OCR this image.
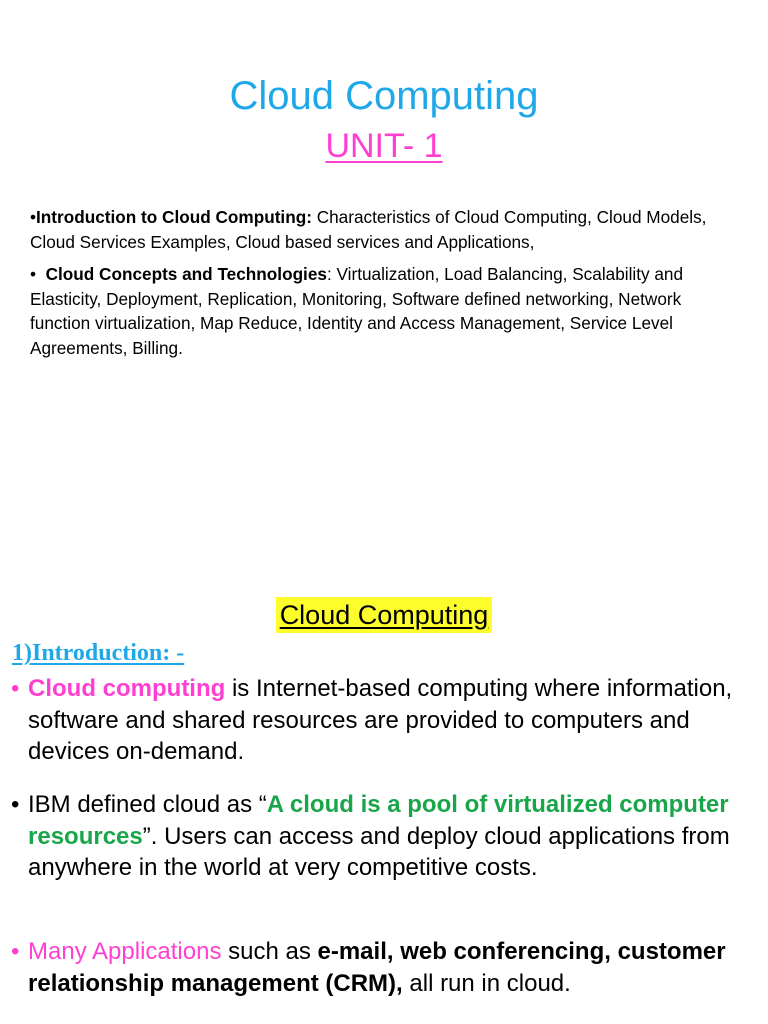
Cloud Computing
UNIT- 1
•Introduction to Cloud Computing: Characteristics of Cloud Computing, Cloud Models, Cloud Services Examples, Cloud based services and Applications,
•  Cloud Concepts and Technologies: Virtualization, Load Balancing, Scalability and Elasticity, Deployment, Replication, Monitoring, Software defined networking, Network function virtualization, Map Reduce, Identity and Access Management, Service Level Agreements, Billing.
Cloud Computing
1)Introduction: -
• Cloud computing is Internet-based computing where information, software and shared resources are provided to computers and devices on-demand.
• IBM defined cloud as “A cloud is a pool of virtualized computer resources”. Users can access and deploy cloud applications from anywhere in the world at very competitive costs.
• Many Applications such as e-mail, web conferencing, customer relationship management (CRM), all run in cloud.
